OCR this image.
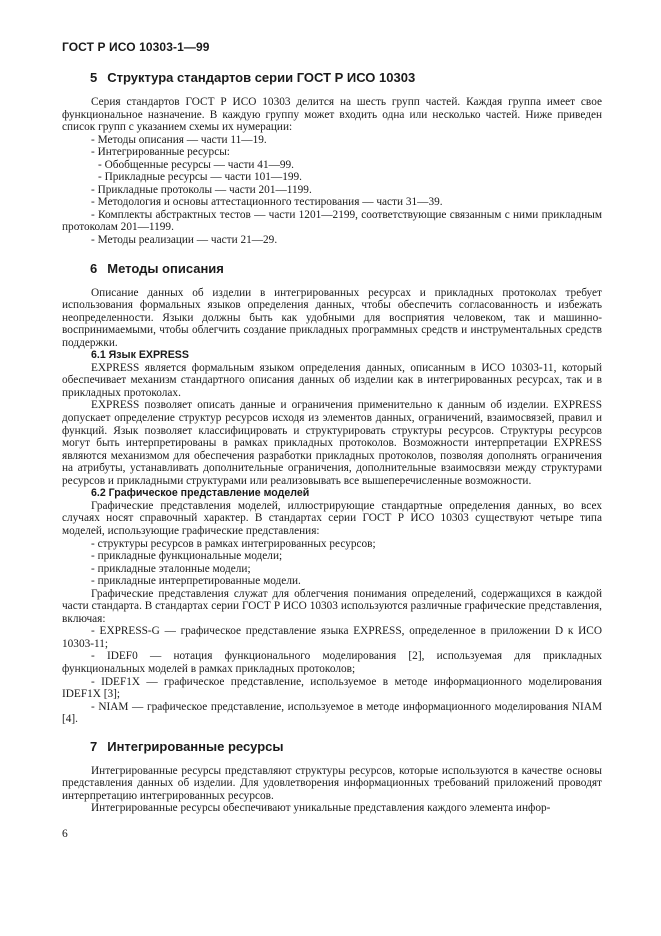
ГОСТ Р ИСО 10303-1—99
5 Структура стандартов серии ГОСТ Р ИСО 10303

Серия стандартов ГОСТ Р ИСО 10303 делится на шесть групп частей. Каждая группа имеет свое функциональное назначение. В каждую группу может входить одна или несколько частей. Ниже приведен список групп с указанием схемы их нумерации:

- Методы описания — части 11—19.
- Интегрированные ресурсы:
- Обобщенные ресурсы — части 41—99.
- Прикладные ресурсы — части 101—199.
- Прикладные протоколы — части 201—1199.
- Методология и основы аттестационного тестирования — части 31—39.

- Комплекты абстрактных тестов — части 1201—2199, соответствующие связанным с ними прикладным протоколам 201—1199.

- Методы реализации — части 21—29.
6 Методы описания

Описание данных об изделии в интегрированных ресурсах и прикладных протоколах требует использования формальных языков определения данных, чтобы обеспечить согласованность и избежать неопределенности. Языки должны быть как удобными для восприятия человеком, так и машинно-воспринимаемыми, чтобы облегчить создание прикладных программных средств и инструментальных средств поддержки.

6.1 Язык EXPRESS

EXPRESS является формальным языком определения данных, описанным в ИСО 10303-11, который обеспечивает механизм стандартного описания данных об изделии как в интегрированных ресурсах, так и в прикладных протоколах.

EXPRESS позволяет описать данные и ограничения применительно к данным об изделии. EXPRESS допускает определение структур ресурсов исходя из элементов данных, ограничений, взаимосвязей, правил и функций. Язык позволяет классифицировать и структурировать структуры ресурсов. Структуры ресурсов могут быть интерпретированы в рамках прикладных протоколов. Возможности интерпретации EXPRESS являются механизмом для обеспечения разработки прикладных протоколов, позволяя дополнять ограничения на атрибуты, устанавливать дополнительные ограничения, дополнительные взаимосвязи между структурами ресурсов и прикладными структурами или реализовывать все вышеперечисленные возможности.

6.2 Графическое представление моделей

Графические представления моделей, иллюстрирующие стандартные определения данных, во всех случаях носят справочный характер. В стандартах серии ГОСТ Р ИСО 10303 существуют четыре типа моделей, использующие графические представления:

- структуры ресурсов в рамках интегрированных ресурсов;
- прикладные функциональные модели;
- прикладные эталонные модели;
- прикладные интерпретированные модели.

Графические представления служат для облегчения понимания определений, содержащихся в каждой части стандарта. В стандартах серии ГОСТ Р ИСО 10303 используются различные графические представления, включая:

- EXPRESS-G — графическое представление языка EXPRESS, определенное в приложении D к ИСО 10303-11;

- IDEF0 — нотация функционального моделирования [2], используемая для прикладных функциональных моделей в рамках прикладных протоколов;

- IDEF1X — графическое представление, используемое в методе информационного моделирования IDEF1X [3];

- NIAM — графическое представление, используемое в методе информационного моделирования NIAM [4].

7 Интегрированные ресурсы

Интегрированные ресурсы представляют структуры ресурсов, которые используются в качестве основы представления данных об изделии. Для удовлетворения информационных требований приложений проводят интерпретацию интегрированных ресурсов.

Интегрированные ресурсы обеспечивают уникальные представления каждого элемента инфор-

6
